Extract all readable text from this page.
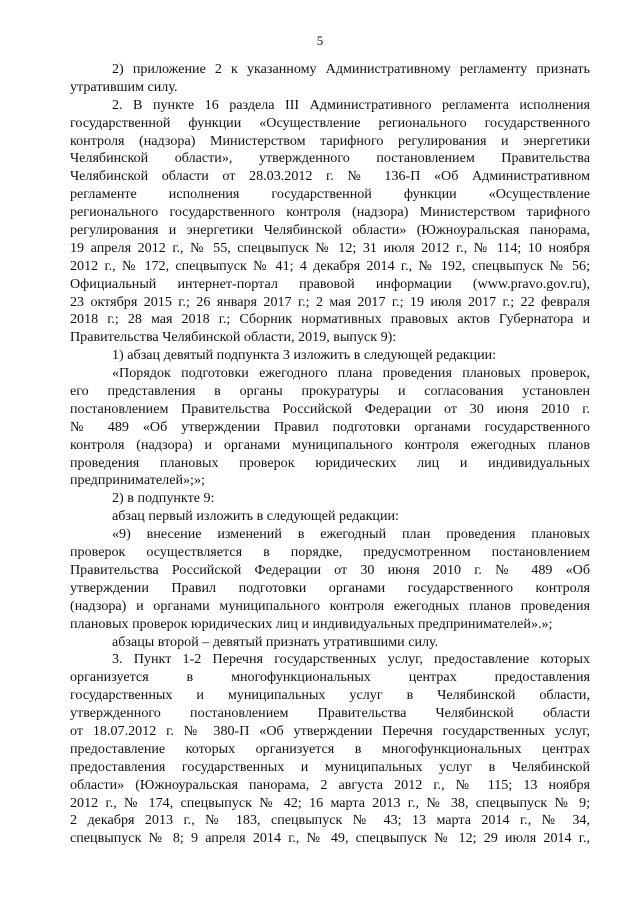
5
2) приложение 2 к указанному Административному регламенту признать
утратившим силу.
2. В пункте 16 раздела III Административного регламента исполнения
государственной функции «Осуществление регионального государственного
контроля (надзора) Министерством тарифного регулирования и энергетики
Челябинской области», утвержденного постановлением Правительства
Челябинской области от 28.03.2012 г. № 136-П «Об Административном
регламенте исполнения государственной функции «Осуществление
регионального государственного контроля (надзора) Министерством тарифного
регулирования и энергетики Челябинской области» (Южноуральская панорама,
19 апреля 2012 г., № 55, спецвыпуск № 12; 31 июля 2012 г., № 114; 10 ноября
2012 г., № 172, спецвыпуск № 41; 4 декабря 2014 г., № 192, спецвыпуск № 56;
Официальный интернет-портал правовой информации (www.pravo.gov.ru),
23 октября 2015 г.; 26 января 2017 г.; 2 мая 2017 г.; 19 июля 2017 г.; 22 февраля
2018 г.; 28 мая 2018 г.; Сборник нормативных правовых актов Губернатора и
Правительства Челябинской области, 2019, выпуск 9):
1) абзац девятый подпункта 3 изложить в следующей редакции:
«Порядок подготовки ежегодного плана проведения плановых проверок,
его представления в органы прокуратуры и согласования установлен
постановлением Правительства Российской Федерации от 30 июня 2010 г.
№ 489 «Об утверждении Правил подготовки органами государственного
контроля (надзора) и органами муниципального контроля ежегодных планов
проведения плановых проверок юридических лиц и индивидуальных
предпринимателей»;»;
2) в подпункте 9:
абзац первый изложить в следующей редакции:
«9) внесение изменений в ежегодный план проведения плановых
проверок осуществляется в порядке, предусмотренном постановлением
Правительства Российской Федерации от 30 июня 2010 г. № 489 «Об
утверждении Правил подготовки органами государственного контроля
(надзора) и органами муниципального контроля ежегодных планов проведения
плановых проверок юридических лиц и индивидуальных предпринимателей».»;
абзацы второй – девятый признать утратившими силу.
3. Пункт 1-2 Перечня государственных услуг, предоставление которых
организуется в многофункциональных центрах предоставления
государственных и муниципальных услуг в Челябинской области,
утвержденного постановлением Правительства Челябинской области
от 18.07.2012 г. № 380-П «Об утверждении Перечня государственных услуг,
предоставление которых организуется в многофункциональных центрах
предоставления государственных и муниципальных услуг в Челябинской
области» (Южноуральская панорама, 2 августа 2012 г., № 115; 13 ноября
2012 г., № 174, спецвыпуск № 42; 16 марта 2013 г., № 38, спецвыпуск № 9;
2 декабря 2013 г., № 183, спецвыпуск № 43; 13 марта 2014 г., № 34,
спецвыпуск № 8; 9 апреля 2014 г., № 49, спецвыпуск № 12; 29 июля 2014 г.,
